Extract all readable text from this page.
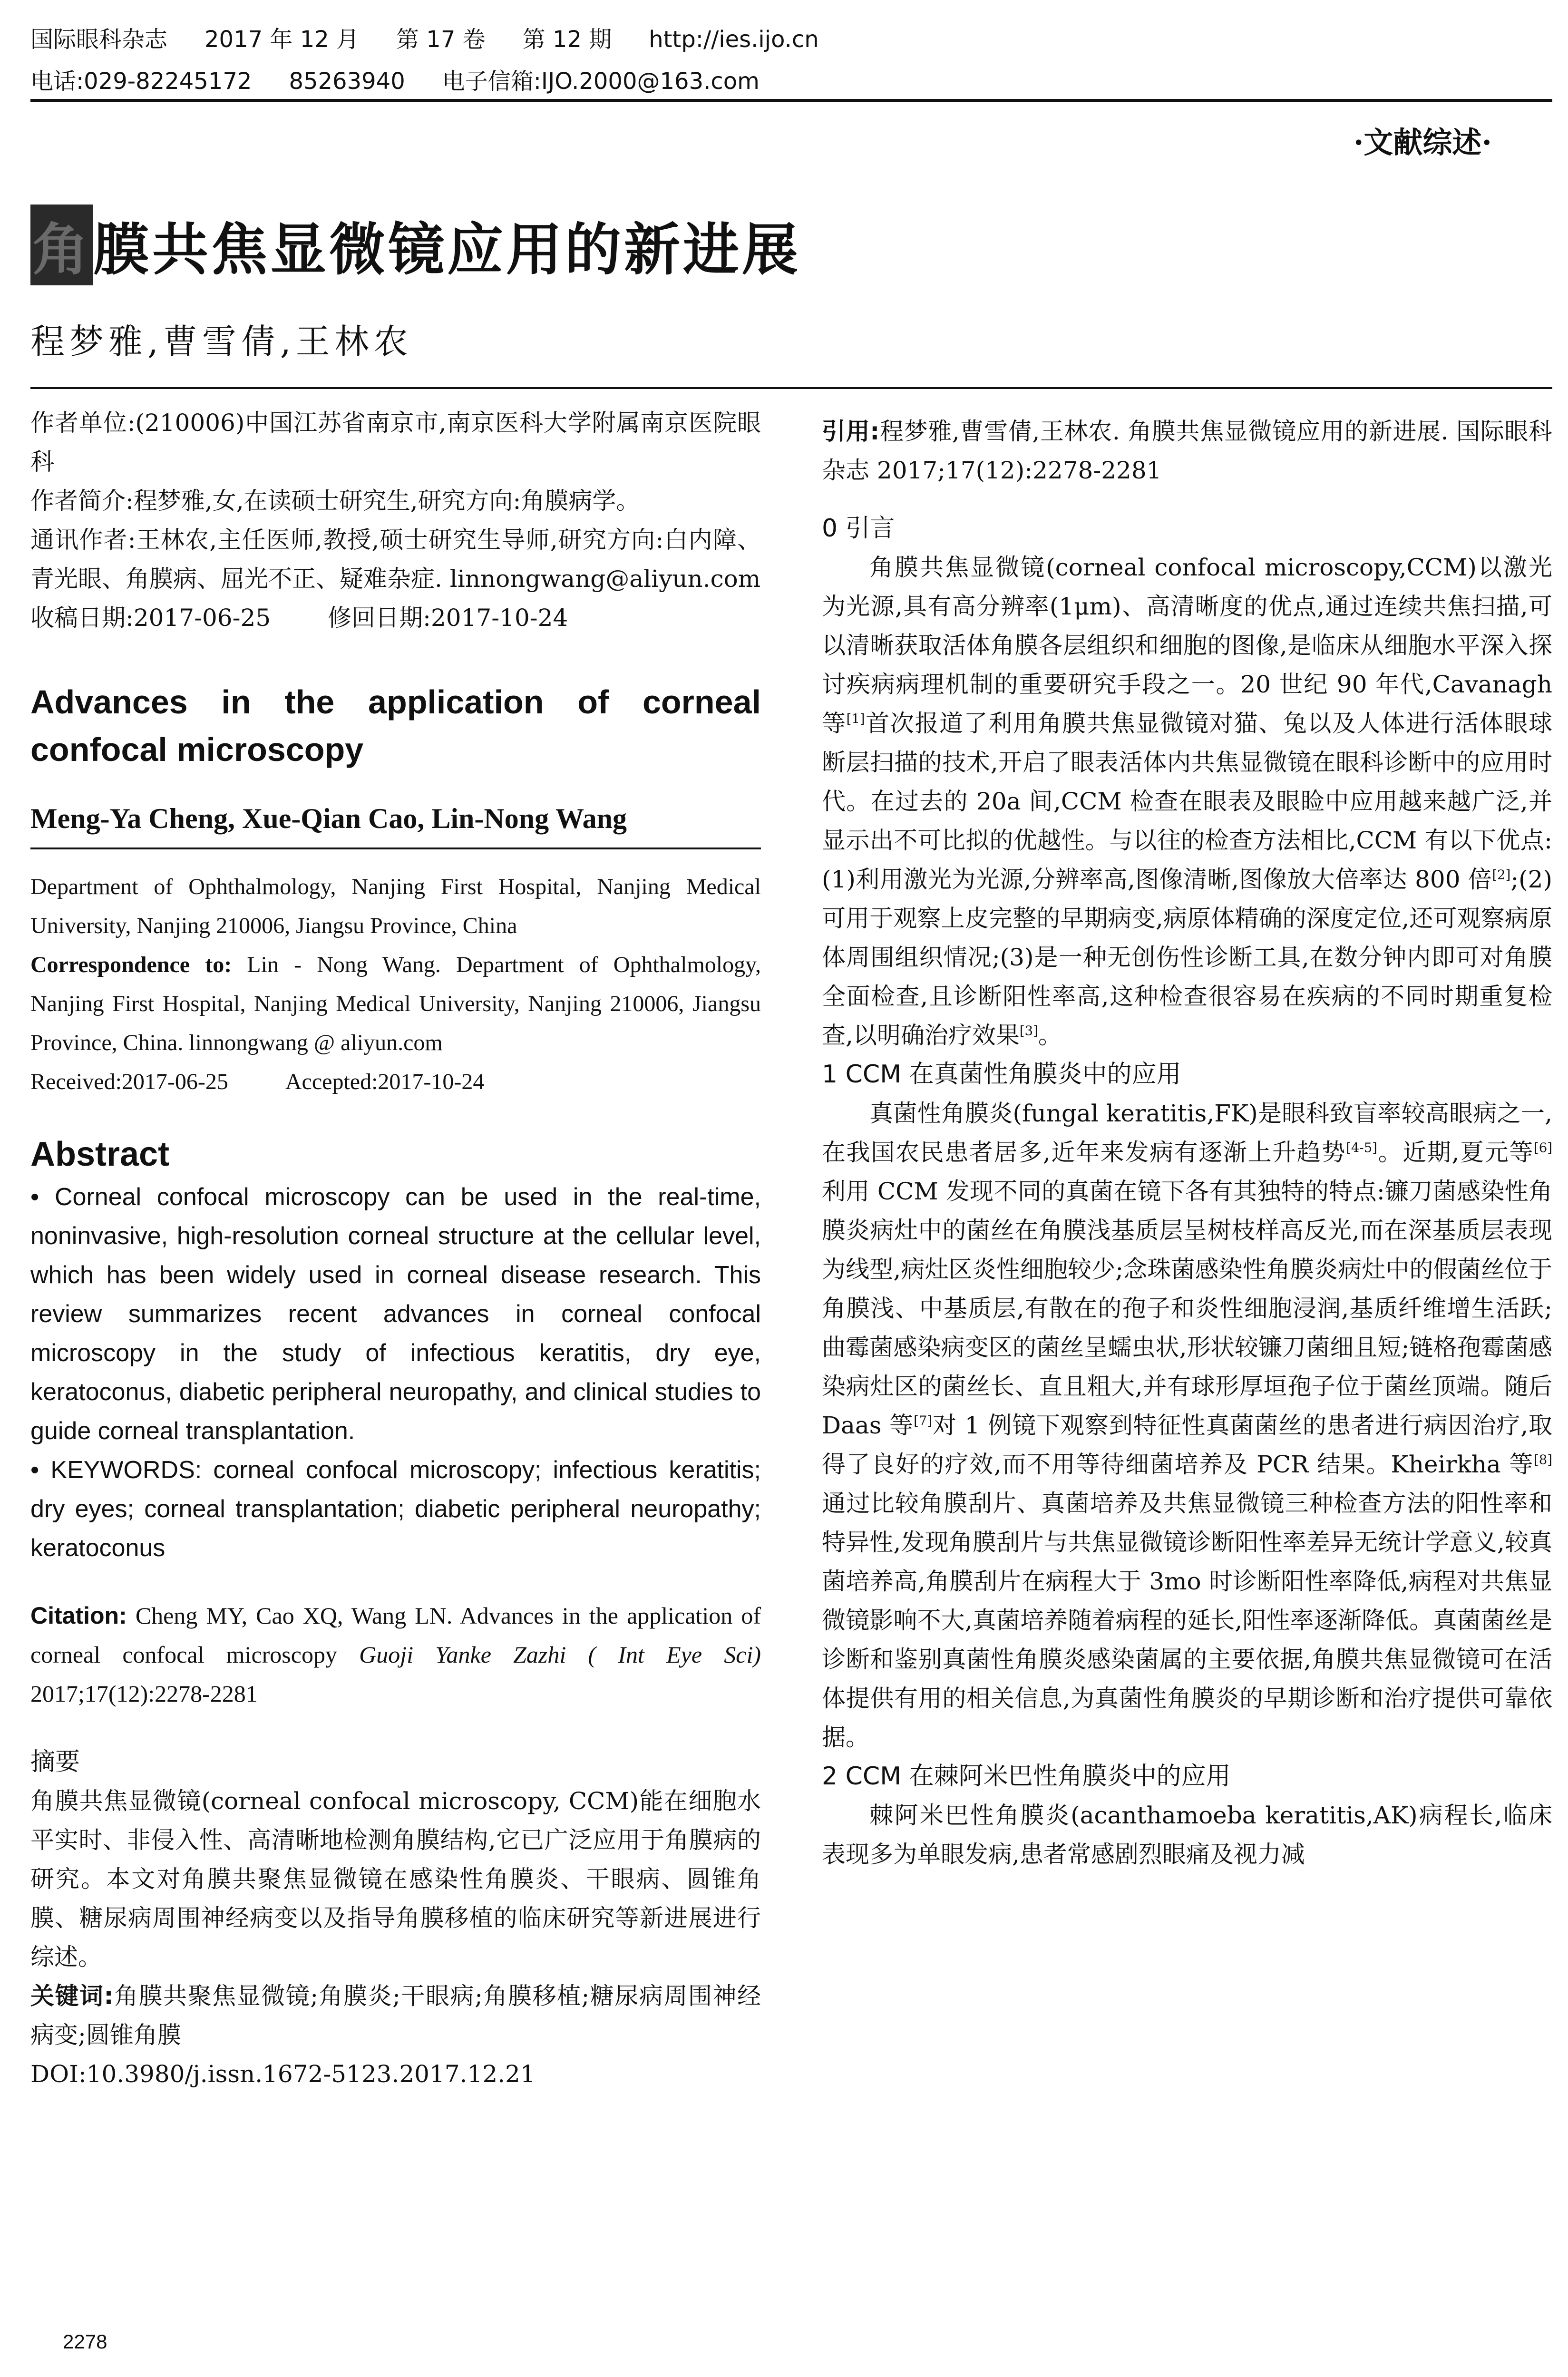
国际眼科杂志 2017 年 12 月 第 17 卷 第 12 期 http://ies.ijo.cn
电话:029-82245172 85263940 电子信箱:IJO.2000@163.com
·文献综述·
角膜共焦显微镜应用的新进展
程梦雅,曹雪倩,王林农

作者单位:(210006)中国江苏省南京市,南京医科大学附属南京医院眼科

作者简介:程梦雅,女,在读硕士研究生,研究方向:角膜病学。

通讯作者:王林农,主任医师,教授,硕士研究生导师,研究方向:白内障、青光眼、角膜病、屈光不正、疑难杂症. linnongwang@aliyun.com

收稿日期:2017-06-25 修回日期:2017-10-24

Advances in the application of corneal confocal microscopy

Meng-Ya Cheng, Xue-Qian Cao, Lin-Nong Wang

Department of Ophthalmology, Nanjing First Hospital, Nanjing Medical University, Nanjing 210006, Jiangsu Province, China

Correspondence to: Lin - Nong Wang. Department of Ophthalmology, Nanjing First Hospital, Nanjing Medical University, Nanjing 210006, Jiangsu Province, China. linnongwang @ aliyun.com

Received:2017-06-25	Accepted:2017-10-24

Abstract

• Corneal confocal microscopy can be used in the real-time, noninvasive, high-resolution corneal structure at the cellular level, which has been widely used in corneal disease research. This review summarizes recent advances in corneal confocal microscopy in the study of infectious keratitis, dry eye, keratoconus, diabetic peripheral neuropathy, and clinical studies to guide corneal transplantation.

• KEYWORDS: corneal confocal microscopy; infectious keratitis; dry eyes; corneal transplantation; diabetic peripheral neuropathy; keratoconus

Citation: Cheng MY, Cao XQ, Wang LN. Advances in the application of corneal confocal microscopy Guoji Yanke Zazhi ( Int Eye Sci) 2017;17(12):2278-2281

摘要

角膜共焦显微镜(corneal confocal microscopy, CCM)能在细胞水平实时、非侵入性、高清晰地检测角膜结构,它已广泛应用于角膜病的研究。本文对角膜共聚焦显微镜在感染性角膜炎、干眼病、圆锥角膜、糖尿病周围神经病变以及指导角膜移植的临床研究等新进展进行综述。

关键词:角膜共聚焦显微镜;角膜炎;干眼病;角膜移植;糖尿病周围神经病变;圆锥角膜

DOI:10.3980/j.issn.1672-5123.2017.12.21

引用:程梦雅,曹雪倩,王林农. 角膜共焦显微镜应用的新进展. 国际眼科杂志 2017;17(12):2278-2281

0 引言

角膜共焦显微镜(corneal confocal microscopy,CCM)以激光为光源,具有高分辨率(1μm)、高清晰度的优点,通过连续共焦扫描,可以清晰获取活体角膜各层组织和细胞的图像,是临床从细胞水平深入探讨疾病病理机制的重要研究手段之一。20 世纪 90 年代,Cavanagh 等[1]首次报道了利用角膜共焦显微镜对猫、兔以及人体进行活体眼球断层扫描的技术,开启了眼表活体内共焦显微镜在眼科诊断中的应用时代。在过去的 20a 间,CCM 检查在眼表及眼睑中应用越来越广泛,并显示出不可比拟的优越性。与以往的检查方法相比,CCM 有以下优点:(1)利用激光为光源,分辨率高,图像清晰,图像放大倍率达 800 倍[2];(2)可用于观察上皮完整的早期病变,病原体精确的深度定位,还可观察病原体周围组织情况;(3)是一种无创伤性诊断工具,在数分钟内即可对角膜全面检查,且诊断阳性率高,这种检查很容易在疾病的不同时期重复检查,以明确治疗效果[3]。

1 CCM 在真菌性角膜炎中的应用

真菌性角膜炎(fungal keratitis,FK)是眼科致盲率较高眼病之一,在我国农民患者居多,近年来发病有逐渐上升趋势[4-5]。近期,夏元等[6]利用 CCM 发现不同的真菌在镜下各有其独特的特点:镰刀菌感染性角膜炎病灶中的菌丝在角膜浅基质层呈树枝样高反光,而在深基质层表现为线型,病灶区炎性细胞较少;念珠菌感染性角膜炎病灶中的假菌丝位于角膜浅、中基质层,有散在的孢子和炎性细胞浸润,基质纤维增生活跃;曲霉菌感染病变区的菌丝呈蠕虫状,形状较镰刀菌细且短;链格孢霉菌感染病灶区的菌丝长、直且粗大,并有球形厚垣孢子位于菌丝顶端。随后 Daas 等[7]对 1 例镜下观察到特征性真菌菌丝的患者进行病因治疗,取得了良好的疗效,而不用等待细菌培养及 PCR 结果。Kheirkha 等[8]通过比较角膜刮片、真菌培养及共焦显微镜三种检查方法的阳性率和特异性,发现角膜刮片与共焦显微镜诊断阳性率差异无统计学意义,较真菌培养高,角膜刮片在病程大于 3mo 时诊断阳性率降低,病程对共焦显微镜影响不大,真菌培养随着病程的延长,阳性率逐渐降低。真菌菌丝是诊断和鉴别真菌性角膜炎感染菌属的主要依据,角膜共焦显微镜可在活体提供有用的相关信息,为真菌性角膜炎的早期诊断和治疗提供可靠依据。

2 CCM 在棘阿米巴性角膜炎中的应用

棘阿米巴性角膜炎(acanthamoeba keratitis,AK)病程长,临床表现多为单眼发病,患者常感剧烈眼痛及视力减

2278
